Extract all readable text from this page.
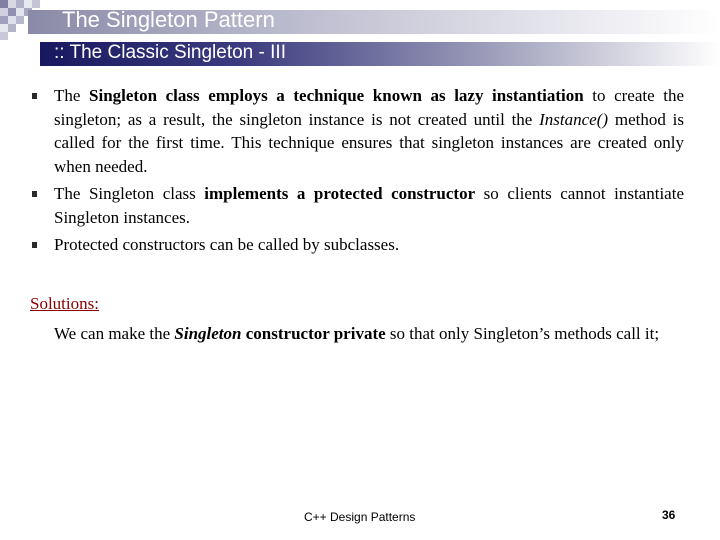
The Singleton Pattern
:: The Classic Singleton - III
The Singleton class employs a technique known as lazy instantiation to create the singleton; as a result, the singleton instance is not created until the Instance() method is called for the first time. This technique ensures that singleton instances are created only when needed.
The Singleton class implements a protected constructor so clients cannot instantiate Singleton instances.
Protected constructors can be called by subclasses.
Solutions:
We can make the Singleton constructor private so that only Singleton’s methods call it;
C++ Design Patterns	36
